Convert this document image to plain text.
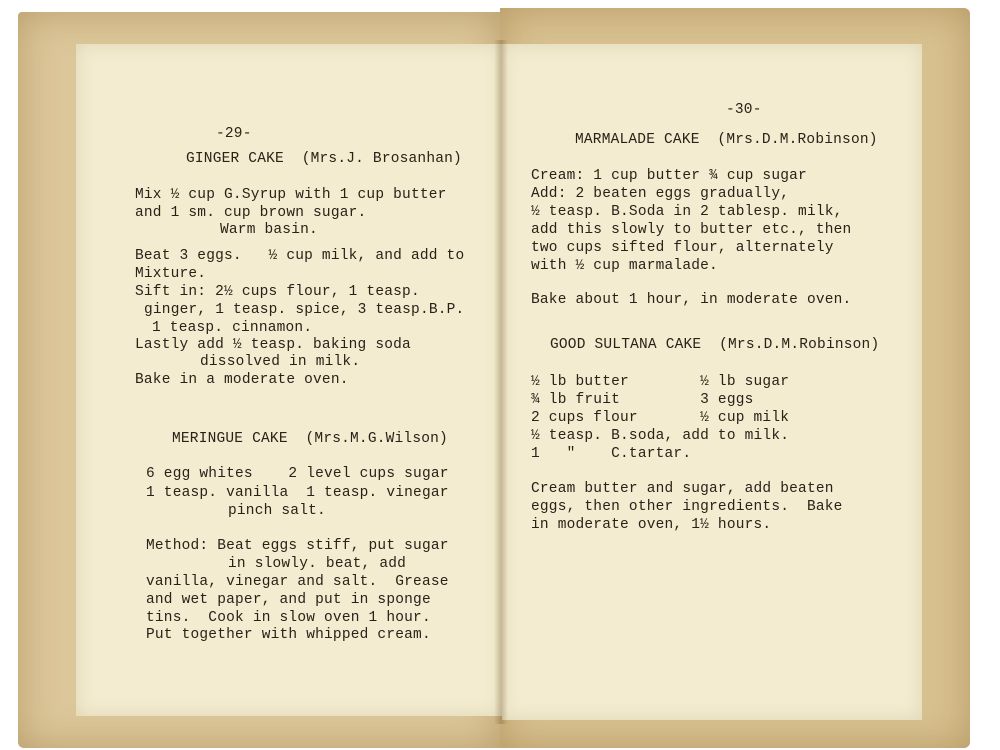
-29-
GINGER CAKE  (Mrs.J. Brosanhan)
Mix ½ cup G.Syrup with 1 cup butter
and 1 sm. cup brown sugar.
Warm basin.
Beat 3 eggs.   ½ cup milk, and add to
Mixture.
Sift in: 2½ cups flour, 1 teasp.
ginger, 1 teasp. spice, 3 teasp.B.P.
1 teasp. cinnamon.
Lastly add ½ teasp. baking soda
dissolved in milk.
Bake in a moderate oven.
MERINGUE CAKE  (Mrs.M.G.Wilson)
6 egg whites    2 level cups sugar
1 teasp. vanilla  1 teasp. vinegar
pinch salt.
Method: Beat eggs stiff, put sugar
in slowly. beat, add
vanilla, vinegar and salt.  Grease
and wet paper, and put in sponge
tins.  Cook in slow oven 1 hour.
Put together with whipped cream.
-30-
MARMALADE CAKE  (Mrs.D.M.Robinson)
Cream: 1 cup butter ¾ cup sugar
Add: 2 beaten eggs gradually,
½ teasp. B.Soda in 2 tablesp. milk,
add this slowly to butter etc., then
two cups sifted flour, alternately
with ½ cup marmalade.
Bake about 1 hour, in moderate oven.
GOOD SULTANA CAKE  (Mrs.D.M.Robinson)
½ lb butter        ½ lb sugar
¾ lb fruit         3 eggs
2 cups flour       ½ cup milk
½ teasp. B.soda, add to milk.
1   "    C.tartar.
Cream butter and sugar, add beaten
eggs, then other ingredients.  Bake
in moderate oven, 1½ hours.
